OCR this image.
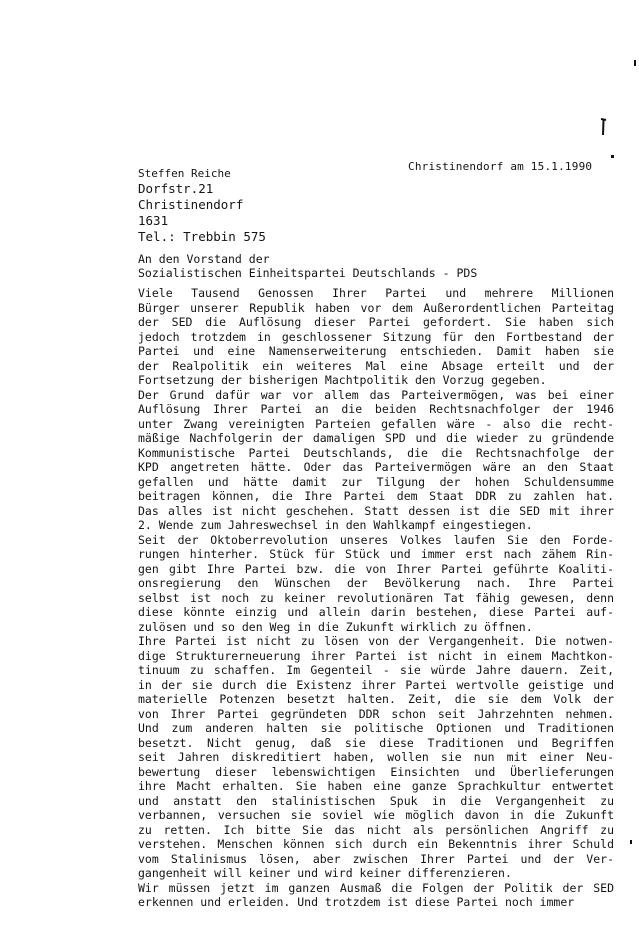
Christinendorf am 15.1.1990
Steffen Reiche
Dorfstr.21
Christinendorf
1631
Tel.: Trebbin 575
An den Vorstand der
Sozialistischen Einheitspartei Deutschlands - PDS
Viele Tausend Genossen Ihrer Partei und mehrere Millionen
Bürger unserer Republik haben vor dem Außerordentlichen Parteitag
der SED die Auflösung dieser Partei gefordert. Sie haben sich
jedoch trotzdem in geschlossener Sitzung für den Fortbestand der
Partei und eine Namenserweiterung entschieden. Damit haben sie
der Realpolitik ein weiteres Mal eine Absage erteilt und der
Fortsetzung der bisherigen Machtpolitik den Vorzug gegeben.
Der Grund dafür war vor allem das Parteivermögen, was bei einer
Auflösung Ihrer Partei an die beiden Rechtsnachfolger der 1946
unter Zwang vereinigten Parteien gefallen wäre - also die recht-
mäßige Nachfolgerin der damaligen SPD und die wieder zu gründende
Kommunistische Partei Deutschlands, die die Rechtsnachfolge der
KPD angetreten hätte. Oder das Parteivermögen wäre an den Staat
gefallen und hätte damit zur Tilgung der hohen Schuldensumme
beitragen können, die Ihre Partei dem Staat DDR zu zahlen hat.
Das alles ist nicht geschehen. Statt dessen ist die SED mit ihrer
2. Wende zum Jahreswechsel in den Wahlkampf eingestiegen.
Seit der Oktoberrevolution unseres Volkes laufen Sie den Forde-
rungen hinterher. Stück für Stück und immer erst nach zähem Rin-
gen gibt Ihre Partei bzw. die von Ihrer Partei geführte Koaliti-
onsregierung den Wünschen der Bevölkerung nach. Ihre Partei
selbst ist noch zu keiner revolutionären Tat fähig gewesen, denn
diese könnte einzig und allein darin bestehen, diese Partei auf-
zulösen und so den Weg in die Zukunft wirklich zu öffnen.
Ihre Partei ist nicht zu lösen von der Vergangenheit. Die notwen-
dige Strukturerneuerung ihrer Partei ist nicht in einem Machtkon-
tinuum zu schaffen. Im Gegenteil - sie würde Jahre dauern. Zeit,
in der sie durch die Existenz ihrer Partei wertvolle geistige und
materielle Potenzen besetzt halten. Zeit, die sie dem Volk der
von Ihrer Partei gegründeten DDR schon seit Jahrzehnten nehmen.
Und zum anderen halten sie politische Optionen und Traditionen
besetzt. Nicht genug, daß sie diese Traditionen und Begriffen
seit Jahren diskreditiert haben, wollen sie nun mit einer Neu-
bewertung dieser lebenswichtigen Einsichten und Überlieferungen
ihre Macht erhalten. Sie haben eine ganze Sprachkultur entwertet
und anstatt den stalinistischen Spuk in die Vergangenheit zu
verbannen, versuchen sie soviel wie möglich davon in die Zukunft
zu retten. Ich bitte Sie das nicht als persönlichen Angriff zu
verstehen. Menschen können sich durch ein Bekenntnis ihrer Schuld
vom Stalinismus lösen, aber zwischen Ihrer Partei und der Ver-
gangenheit will keiner und wird keiner differenzieren.
Wir müssen jetzt im ganzen Ausmaß die Folgen der Politik der SED
erkennen und erleiden. Und trotzdem ist diese Partei noch immer
